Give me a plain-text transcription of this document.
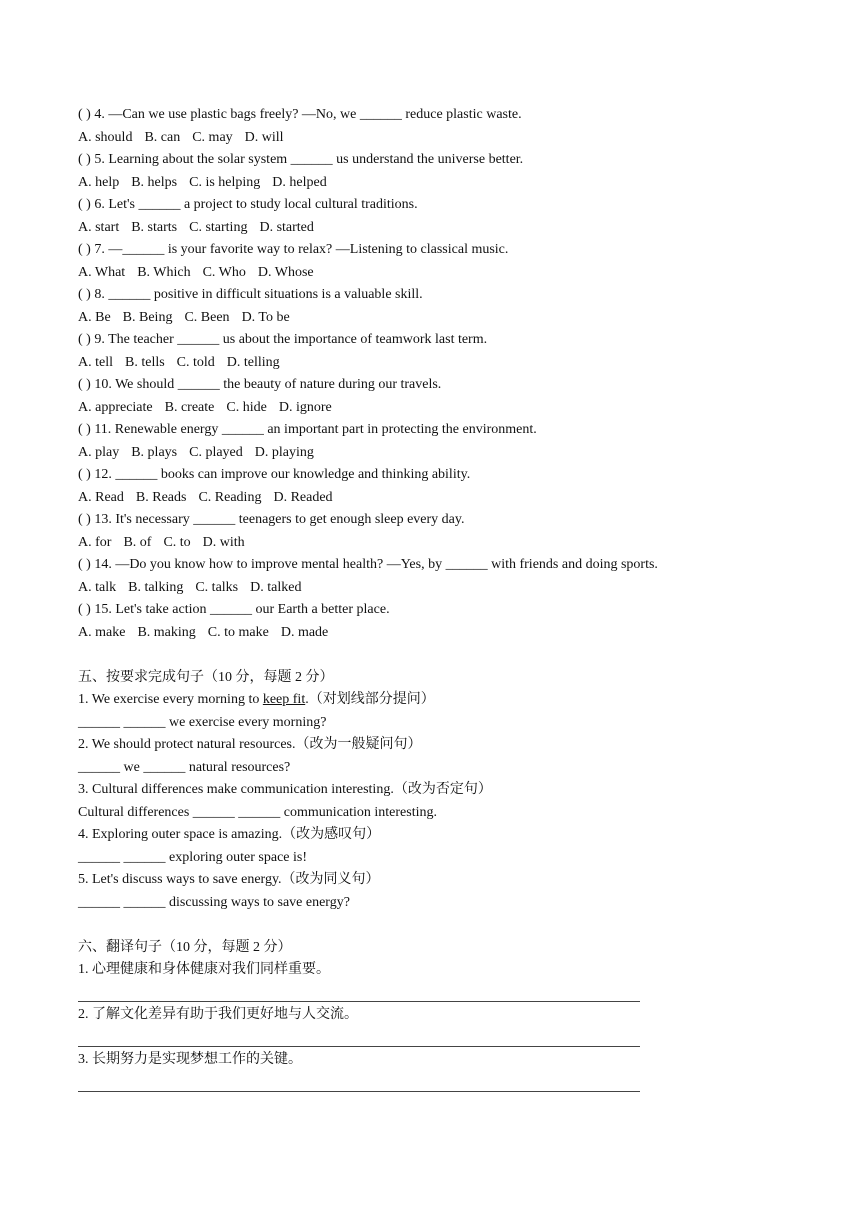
( ) 4. —Can we use plastic bags freely? —No, we ______ reduce plastic waste.
A. should B. can C. may D. will
( ) 5. Learning about the solar system ______ us understand the universe better.
A. help B. helps C. is helping D. helped
( ) 6. Let's ______ a project to study local cultural traditions.
A. start B. starts C. starting D. started
( ) 7. —______ is your favorite way to relax? —Listening to classical music.
A. What B. Which C. Who D. Whose
( ) 8. ______ positive in difficult situations is a valuable skill.
A. Be B. Being C. Been D. To be
( ) 9. The teacher ______ us about the importance of teamwork last term.
A. tell B. tells C. told D. telling
( ) 10. We should ______ the beauty of nature during our travels.
A. appreciate B. create C. hide D. ignore
( ) 11. Renewable energy ______ an important part in protecting the environment.
A. play B. plays C. played D. playing
( ) 12. ______ books can improve our knowledge and thinking ability.
A. Read B. Reads C. Reading D. Readed
( ) 13. It's necessary ______ teenagers to get enough sleep every day.
A. for B. of C. to D. with
( ) 14. —Do you know how to improve mental health? —Yes, by ______ with friends and doing sports.
A. talk B. talking C. talks D. talked
( ) 15. Let's take action ______ our Earth a better place.
A. make B. making C. to make D. made
五、按要求完成句子（10 分，每题 2 分）
1. We exercise every morning to keep fit.（对划线部分提问）
______ ______ we exercise every morning?
2. We should protect natural resources.（改为一般疑问句）
______ we ______ natural resources?
3. Cultural differences make communication interesting.（改为否定句）
Cultural differences ______ ______ communication interesting.
4. Exploring outer space is amazing.（改为感叹句）
______ ______ exploring outer space is!
5. Let's discuss ways to save energy.（改为同义句）
______ ______ discussing ways to save energy?
六、翻译句子（10 分，每题 2 分）
1. 心理健康和身体健康对我们同样重要。
2. 了解文化差异有助于我们更好地与人交流。
3. 长期努力是实现梦想工作的关键。
